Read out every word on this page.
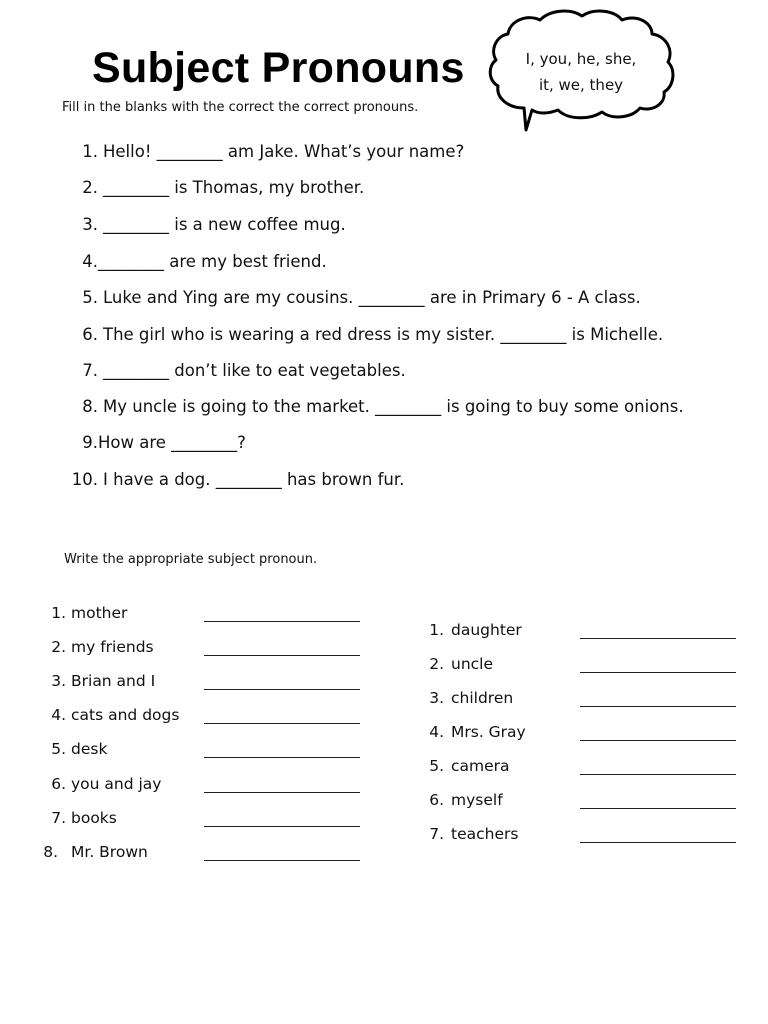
Subject Pronouns

Fill in the blanks with the correct the correct pronouns.

I, you, he, she,
it, we, they
1. Hello! ________ am Jake. What’s your name?
2. ________ is Thomas, my brother.
3. ________ is a new coffee mug.
4. ________ are my best friend.
5. Luke and Ying are my cousins. ________ are in Primary 6 - A class.
6. The girl who is wearing a red dress is my sister. ________ is Michelle.
7. ________ don’t like to eat vegetables.
8. My uncle is going to the market. ________ is going to buy some onions.
9. How are ________?
10. I have a dog. ________ has brown fur.

Write the appropriate subject pronoun.

1. mother
2. my friends
3. Brian and I
4. cats and dogs
5. desk
6. you and jay
7. books
8. Mr. Brown
1. daughter
2. uncle
3. children
4. Mrs. Gray
5. camera
6. myself
7. teachers
